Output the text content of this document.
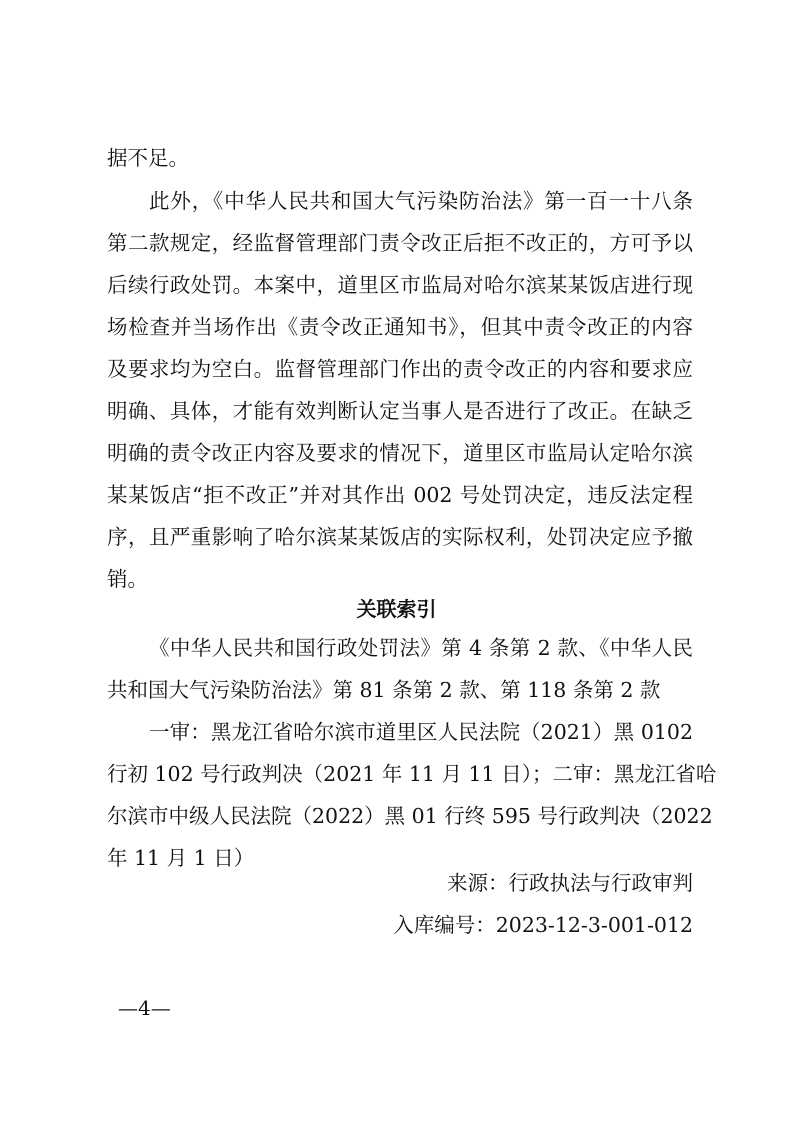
据不足。
此外，《中华人民共和国大气污染防治法》第一百一十八条
第二款规定，经监督管理部门责令改正后拒不改正的，方可予以
后续行政处罚。本案中，道里区市监局对哈尔滨某某饭店进行现
场检查并当场作出《责令改正通知书》，但其中责令改正的内容
及要求均为空白。监督管理部门作出的责令改正的内容和要求应
明确、具体，才能有效判断认定当事人是否进行了改正。在缺乏
明确的责令改正内容及要求的情况下，道里区市监局认定哈尔滨
某某饭店“拒不改正”并对其作出 002 号处罚决定，违反法定程
序，且严重影响了哈尔滨某某饭店的实际权利，处罚决定应予撤
销。
关联索引
《中华人民共和国行政处罚法》第 4 条第 2 款、《中华人民
共和国大气污染防治法》第 81 条第 2 款、第 118 条第 2 款
一审：黑龙江省哈尔滨市道里区人民法院（2021）黑 0102
行初 102 号行政判决（2021 年 11 月 11 日）；二审：黑龙江省哈
尔滨市中级人民法院（2022）黑 01 行终 595 号行政判决（2022
年 11 月 1 日）
来源：行政执法与行政审判
入库编号：2023-12-3-001-012
—4—
